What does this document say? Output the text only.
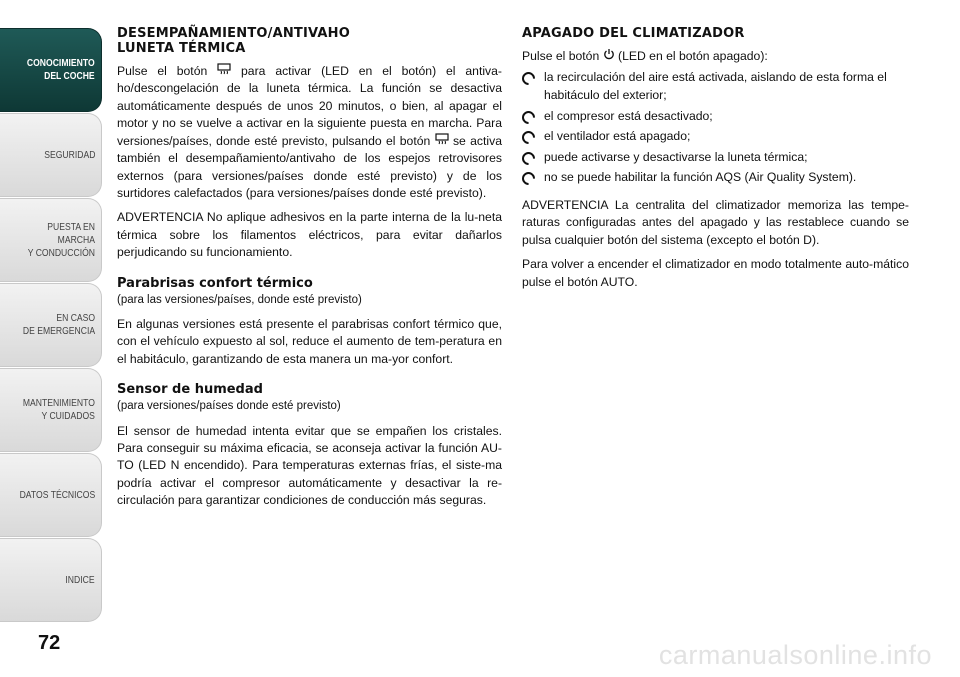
CONOCIMIENTO
DEL COCHE
SEGURIDAD
PUESTA EN MARCHA
Y CONDUCCIÓN
EN CASO
DE EMERGENCIA
MANTENIMIENTO
Y CUIDADOS
DATOS TÉCNICOS
INDICE
72
DESEMPAÑAMIENTO/ANTIVAHO
LUNETA TÉRMICA

Pulse el botón	para activar (LED en el botón) el antiva-ho/descongelación de la luneta térmica. La función se desactiva automáticamente después de unos 20 minutos, o bien, al apagar el motor y no se vuelve a activar en la siguiente puesta en marcha. Para versiones/países, donde esté previsto, pulsando el botón se activa también el desempañamiento/antivaho de los espejos retrovisores externos (para versiones/países donde esté previsto) y de los surtidores calefactados (para versiones/países donde esté previsto).

ADVERTENCIA No aplique adhesivos en la parte interna de la lu-neta térmica sobre los filamentos eléctricos, para evitar dañarlos perjudicando su funcionamiento.

Parabrisas confort térmico

(para las versiones/países, donde esté previsto)

En algunas versiones está presente el parabrisas confort térmico que, con el vehículo expuesto al sol, reduce el aumento de tem-peratura en el habitáculo, garantizando de esta manera un ma-yor confort.

Sensor de humedad

(para versiones/países donde esté previsto)

El sensor de humedad intenta evitar que se empañen los cristales. Para conseguir su máxima eficacia, se aconseja activar la función AU-TO (LED N encendido). Para temperaturas externas frías, el siste-ma podría activar el compresor automáticamente y desactivar la re-circulación para garantizar condiciones de conducción más seguras.

APAGADO DEL CLIMATIZADOR

Pulse el botón (LED en el botón apagado):

la recirculación del aire está activada, aislando de esta forma el habitáculo del exterior;
el compresor está desactivado;
el ventilador está apagado;
puede activarse y desactivarse la luneta térmica;
no se puede habilitar la función AQS (Air Quality System).

ADVERTENCIA La centralita del climatizador memoriza las tempe-raturas configuradas antes del apagado y las restablece cuando se pulsa cualquier botón del sistema (excepto el botón D).

Para volver a encender el climatizador en modo totalmente auto-mático pulse el botón AUTO.

carmanualsonline.info
